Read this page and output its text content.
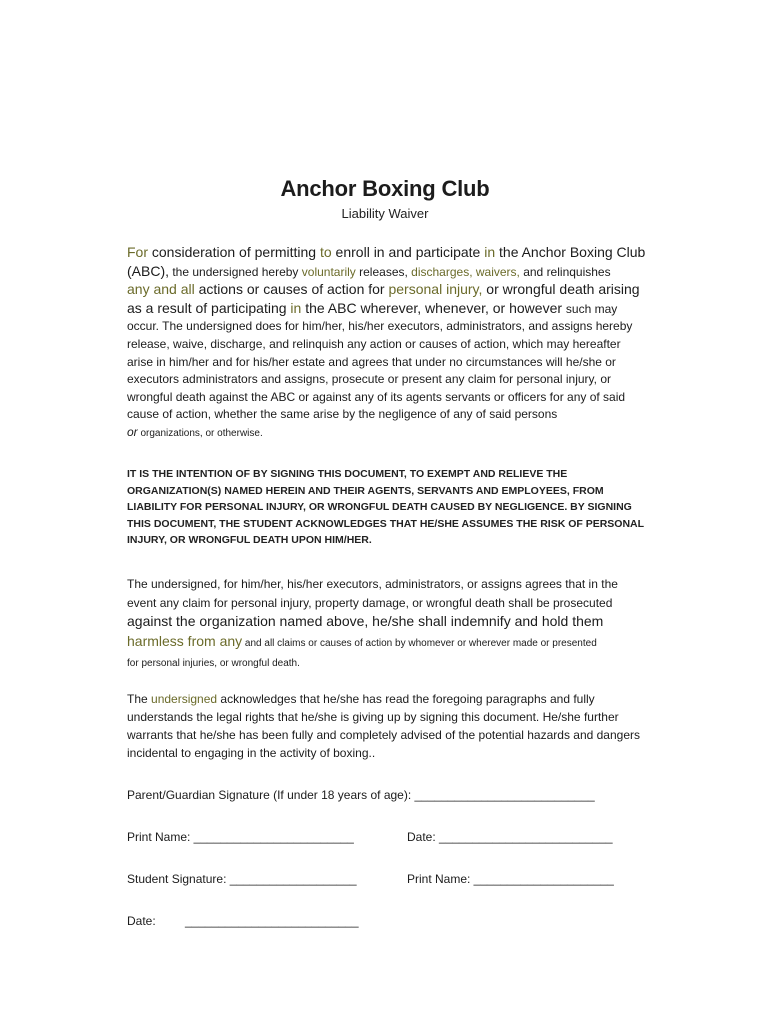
Anchor Boxing Club

Liability Waiver

For consideration of permitting to enroll in and participate in the Anchor Boxing Club
(ABC), the undersigned hereby voluntarily releases, discharges, waivers, and relinquishes
any and all actions or causes of action for personal injury, or wrongful death arising
as a result of participating in the ABC wherever, whenever, or however such may
occur. The undersigned does for him/her, his/her executors, administrators, and assigns hereby release, waive, discharge, and relinquish any action or causes of action, which may hereafter arise in him/her and for his/her estate and agrees that under no circumstances will he/she or executors administrators and assigns, prosecute or present any claim for personal injury, or wrongful death against the ABC or against any of its agents servants or officers for any of said cause of action, whether the same arise by the negligence of any of said persons
or organizations, or otherwise.

IT IS THE INTENTION OF BY SIGNING THIS DOCUMENT, TO EXEMPT AND RELIEVE THE ORGANIZATION(S) NAMED HEREIN AND THEIR AGENTS, SERVANTS AND EMPLOYEES, FROM LIABILITY FOR PERSONAL INJURY, OR WRONGFUL DEATH CAUSED BY NEGLIGENCE. BY SIGNING THIS DOCUMENT, THE STUDENT ACKNOWLEDGES THAT HE/SHE ASSUMES THE RISK OF PERSONAL INJURY, OR WRONGFUL DEATH UPON HIM/HER.

The undersigned, for him/her, his/her executors, administrators, or assigns agrees that in the
event any claim for personal injury, property damage, or wrongful death shall be prosecuted
against the organization named above, he/she shall indemnify and hold them
harmless from any and all claims or causes of action by whomever or wherever made or presented
for personal injuries, or wrongful death.

The undersigned acknowledges that he/she has read the foregoing paragraphs and fully understands the legal rights that he/she is giving up by signing this document. He/she further warrants that he/she has been fully and completely advised of the potential hazards and dangers incidental to engaging in the activity of boxing..

Parent/Guardian Signature (If under 18 years of age): ___________________________

Print Name: ________________________	Date: __________________________

Student Signature: ___________________	Print Name: _____________________

Date: __________________________
